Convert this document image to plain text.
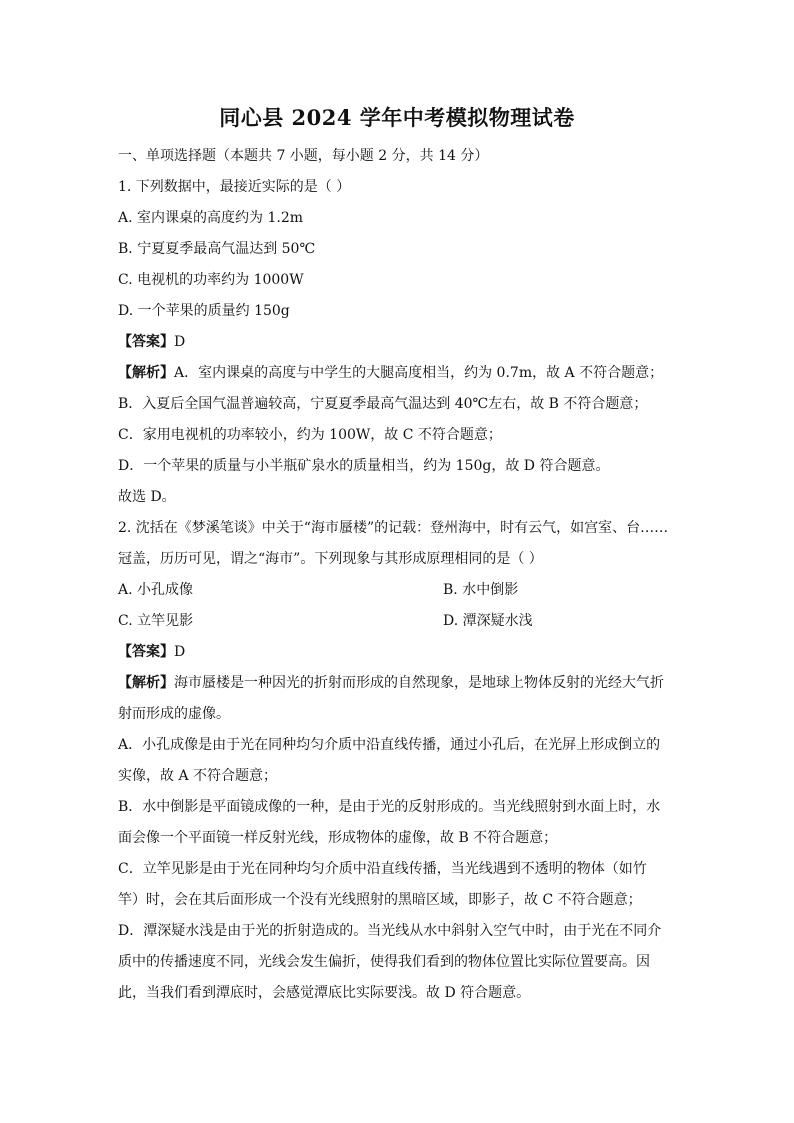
同心县 2024 学年中考模拟物理试卷
一、单项选择题（本题共 7 小题，每小题 2 分，共 14 分）
1. 下列数据中，最接近实际的是（ ）
A. 室内课桌的高度约为 1.2m
B. 宁夏夏季最高气温达到 50℃
C. 电视机的功率约为 1000W
D. 一个苹果的质量约 150g
【答案】D
【解析】A．室内课桌的高度与中学生的大腿高度相当，约为 0.7m，故 A 不符合题意；
B．入夏后全国气温普遍较高，宁夏夏季最高气温达到 40℃左右，故 B 不符合题意；
C．家用电视机的功率较小，约为 100W，故 C 不符合题意；
D．一个苹果的质量与小半瓶矿泉水的质量相当，约为 150g，故 D 符合题意。
故选 D。
2. 沈括在《梦溪笔谈》中关于“海市蜃楼”的记载：登州海中，时有云气，如宫室、台……
冠盖，历历可见，谓之“海市”。下列现象与其形成原理相同的是（ ）
A. 小孔成像	B. 水中倒影
C. 立竿见影	D. 潭深疑水浅
【答案】D
【解析】海市蜃楼是一种因光的折射而形成的自然现象，是地球上物体反射的光经大气折
射而形成的虚像。
A．小孔成像是由于光在同种均匀介质中沿直线传播，通过小孔后，在光屏上形成倒立的
实像，故 A 不符合题意；
B．水中倒影是平面镜成像的一种，是由于光的反射形成的。当光线照射到水面上时，水
面会像一个平面镜一样反射光线，形成物体的虚像，故 B 不符合题意；
C．立竿见影是由于光在同种均匀介质中沿直线传播，当光线遇到不透明的物体（如竹
竿）时，会在其后面形成一个没有光线照射的黑暗区域，即影子，故 C 不符合题意；
D．潭深疑水浅是由于光的折射造成的。当光线从水中斜射入空气中时，由于光在不同介
质中的传播速度不同，光线会发生偏折，使得我们看到的物体位置比实际位置要高。因
此，当我们看到潭底时，会感觉潭底比实际要浅。故 D 符合题意。
